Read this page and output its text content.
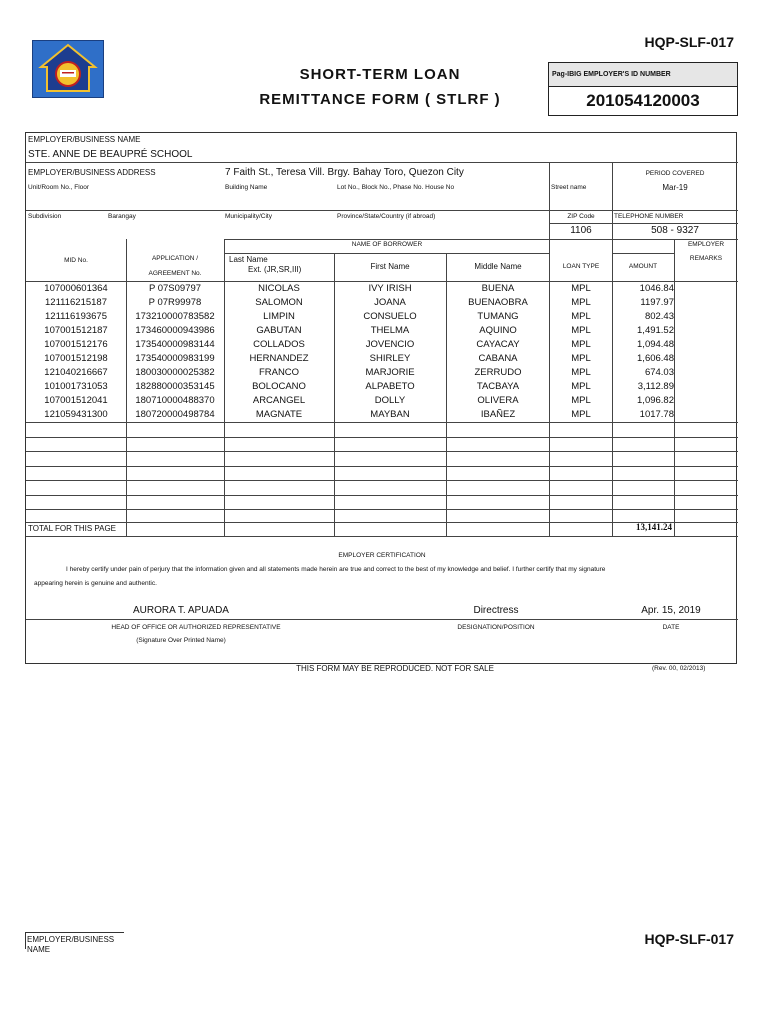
HQP-SLF-017
SHORT-TERM LOAN
REMITTANCE FORM ( STLRF )
Pag-IBIG EMPLOYER'S ID NUMBER
201054120003
EMPLOYER/BUSINESS NAME
STE. ANNE DE BEAUPRÉ SCHOOL
EMPLOYER/BUSINESS ADDRESS	7 Faith St., Teresa Vill. Brgy. Bahay Toro, Quezon City
Unit/Room No., Floor	Building Name	Lot No., Block No., Phase No. House No	Street name
PERIOD COVERED
Mar-19
Subdivision	Barangay	Municipality/City	Province/State/Country (if abroad)	ZIP Code
1106
TELEPHONE NUMBER
508 - 9327
NAME OF BORROWER
MID No.	APPLICATION /
AGREEMENT No.
Last Name
Ext. (JR,SR,III)	First Name	Middle Name	LOAN TYPE	AMOUNT
EMPLOYER
REMARKS
107000601364	P 07S09797	NICOLAS	IVY IRISH	BUENA	MPL	1046.84
121116215187	P 07R99978	SALOMON	JOANA	BUENAOBRA	MPL	1197.97
121116193675	173210000783582	LIMPIN	CONSUELO	TUMANG	MPL	802.43
107001512187	173460000943986	GABUTAN	THELMA	AQUINO	MPL	1,491.52
107001512176	173540000983144	COLLADOS	JOVENCIO	CAYACAY	MPL	1,094.48
107001512198	173540000983199	HERNANDEZ	SHIRLEY	CABANA	MPL	1,606.48
121040216667	180030000025382	FRANCO	MARJORIE	ZERRUDO	MPL	674.03
101001731053	182880000353145	BOLOCANO	ALPABETO	TACBAYA	MPL	3,112.89
107001512041	180710000488370	ARCANGEL	DOLLY	OLIVERA	MPL	1,096.82
121059431300	180720000498784	MAGNATE	MAYBAN	IBAÑEZ	MPL	1017.78
TOTAL FOR THIS PAGE	13,141.24
EMPLOYER CERTIFICATION
I hereby certify under pain of perjury that the information given and all statements made herein are true and correct to the best of my knowledge and belief. I further certify that my signature
appearing herein is genuine and authentic.
AURORA T. APUADA	Directress	Apr. 15, 2019
HEAD OF OFFICE OR AUTHORIZED REPRESENTATIVE
(Signature Over Printed Name)
DESIGNATION/POSITION	DATE
THIS FORM MAY BE REPRODUCED. NOT FOR SALE	(Rev. 00, 02/2013)
EMPLOYER/BUSINESS NAME
HQP-SLF-017
